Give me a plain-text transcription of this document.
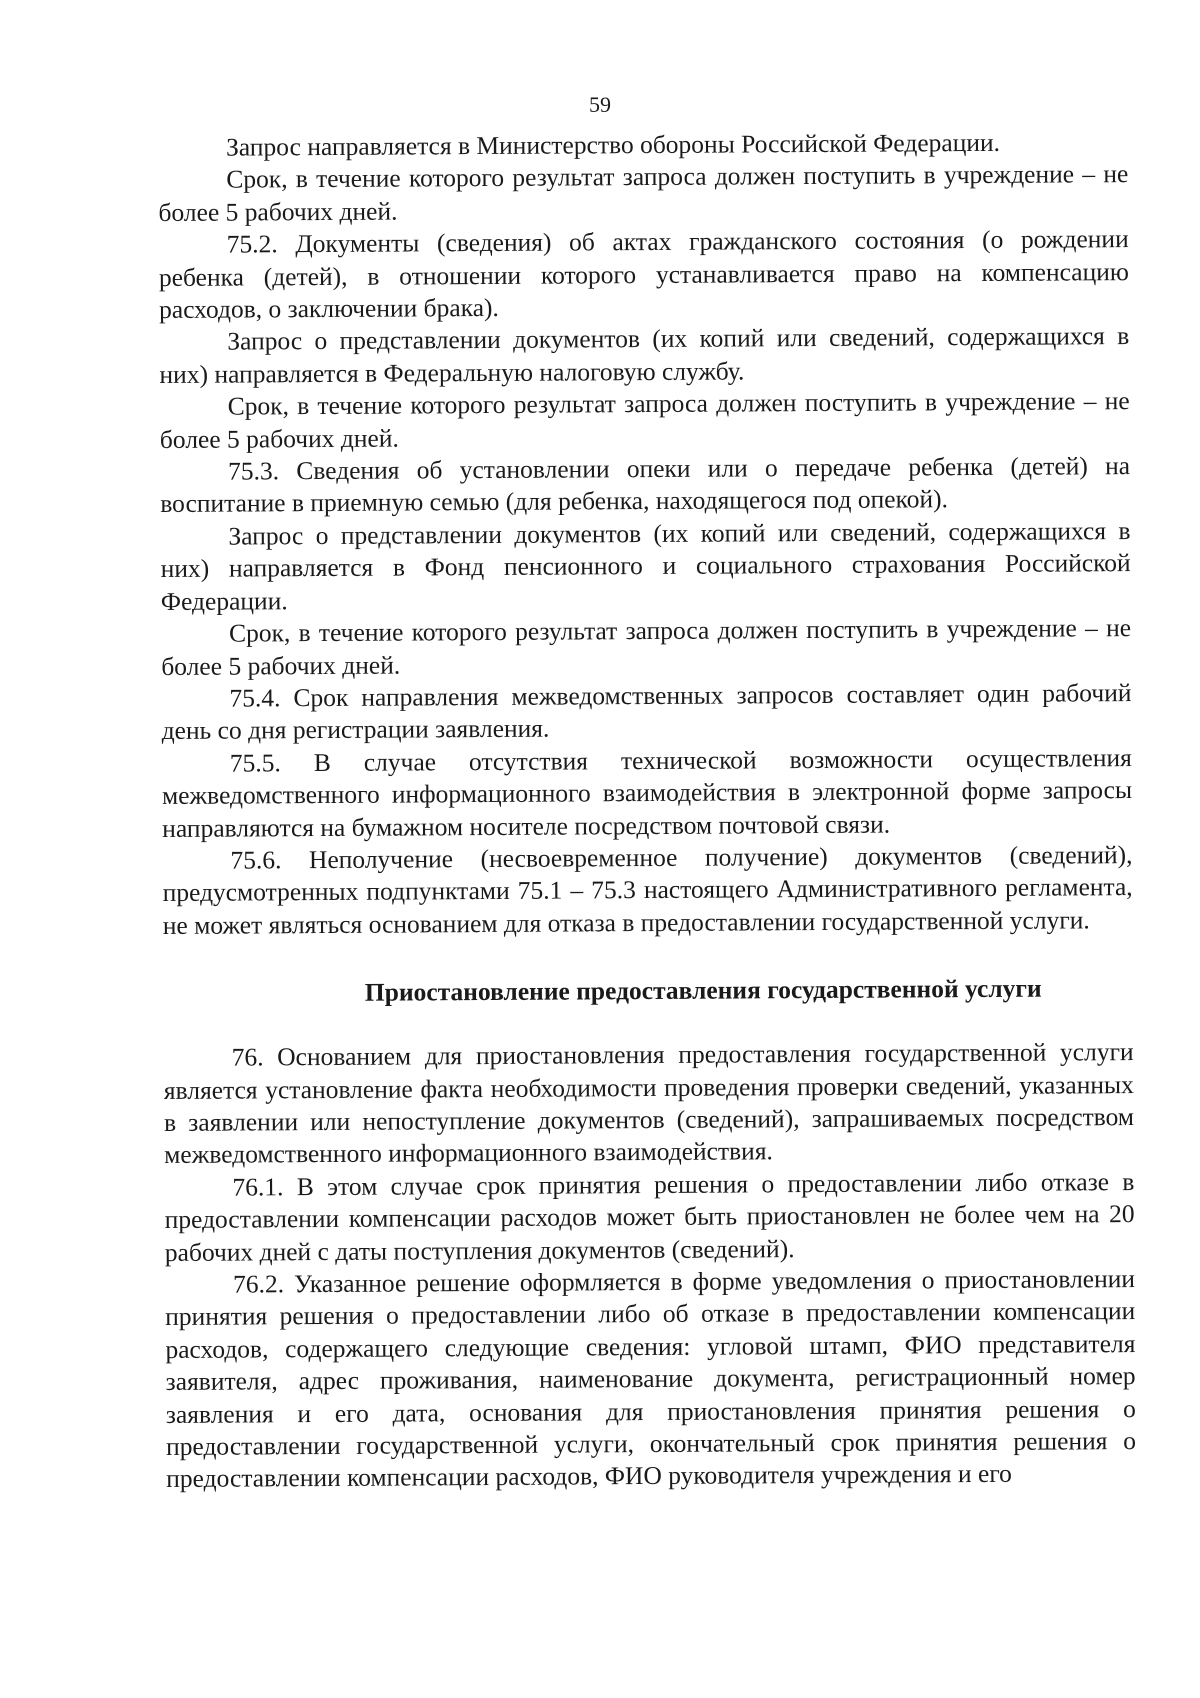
59

Запрос направляется в Министерство обороны Российской Федерации.

Срок, в течение которого результат запроса должен поступить в учреждение – не более 5 рабочих дней.

75.2. Документы (сведения) об актах гражданского состояния (о рождении ребенка (детей), в отношении которого устанавливается право на компенсацию расходов, о заключении брака).

Запрос о представлении документов (их копий или сведений, содержащихся в них) направляется в Федеральную налоговую службу.

Срок, в течение которого результат запроса должен поступить в учреждение – не более 5 рабочих дней.

75.3. Сведения об установлении опеки или о передаче ребенка (детей) на воспитание в приемную семью (для ребенка, находящегося под опекой).

Запрос о представлении документов (их копий или сведений, содержащихся в них) направляется в Фонд пенсионного и социального страхования Российской Федерации.

Срок, в течение которого результат запроса должен поступить в учреждение – не более 5 рабочих дней.

75.4. Срок направления межведомственных запросов составляет один рабочий день со дня регистрации заявления.

75.5. В случае отсутствия технической возможности осуществления межведомственного информационного взаимодействия в электронной форме запросы направляются на бумажном носителе посредством почтовой связи.

75.6. Неполучение (несвоевременное получение) документов (сведений), предусмотренных подпунктами 75.1 – 75.3 настоящего Административного регламента, не может являться основанием для отказа в предоставлении государственной услуги.

Приостановление предоставления государственной услуги

76. Основанием для приостановления предоставления государственной услуги является установление факта необходимости проведения проверки сведений, указанных в заявлении или непоступление документов (сведений), запрашиваемых посредством межведомственного информационного взаимодействия.

76.1. В этом случае срок принятия решения о предоставлении либо отказе в предоставлении компенсации расходов может быть приостановлен не более чем на 20 рабочих дней с даты поступления документов (сведений).

76.2. Указанное решение оформляется в форме уведомления о приостановлении принятия решения о предоставлении либо об отказе в предоставлении компенсации расходов, содержащего следующие сведения: угловой штамп, ФИО представителя заявителя, адрес проживания, наименование документа, регистрационный номер заявления и его дата, основания для приостановления принятия решения о предоставлении государственной услуги, окончательный срок принятия решения о предоставлении компенсации расходов, ФИО руководителя учреждения и его
